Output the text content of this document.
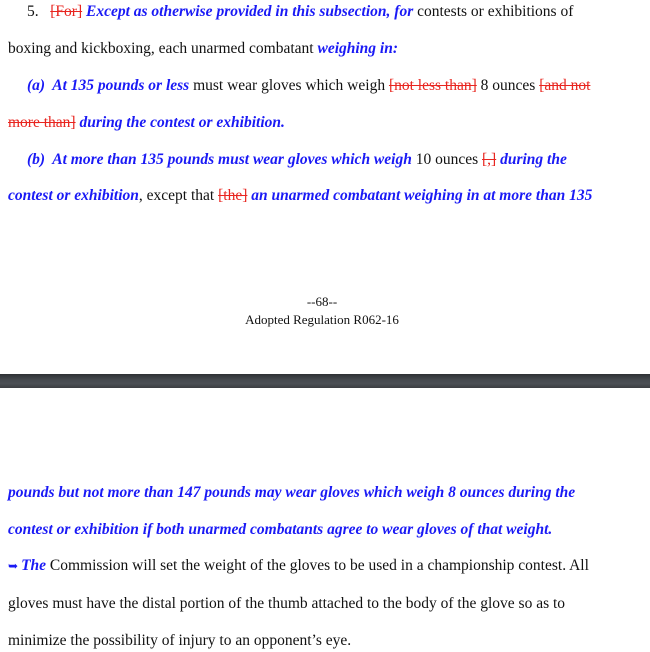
5.   [For] Except as otherwise provided in this subsection, for contests or exhibitions of
boxing and kickboxing, each unarmed combatant weighing in:
(a)  At 135 pounds or less must wear gloves which weigh [not less than] 8 ounces [and not
more than] during the contest or exhibition.
(b)  At more than 135 pounds must wear gloves which weigh 10 ounces [,] during the
contest or exhibition, except that [the] an unarmed combatant weighing in at more than 135
--68--
Adopted Regulation R062-16
pounds but not more than 147 pounds may wear gloves which weigh 8 ounces during the
contest or exhibition if both unarmed combatants agree to wear gloves of that weight.
➥ The Commission will set the weight of the gloves to be used in a championship contest. All
gloves must have the distal portion of the thumb attached to the body of the glove so as to
minimize the possibility of injury to an opponent’s eye.
